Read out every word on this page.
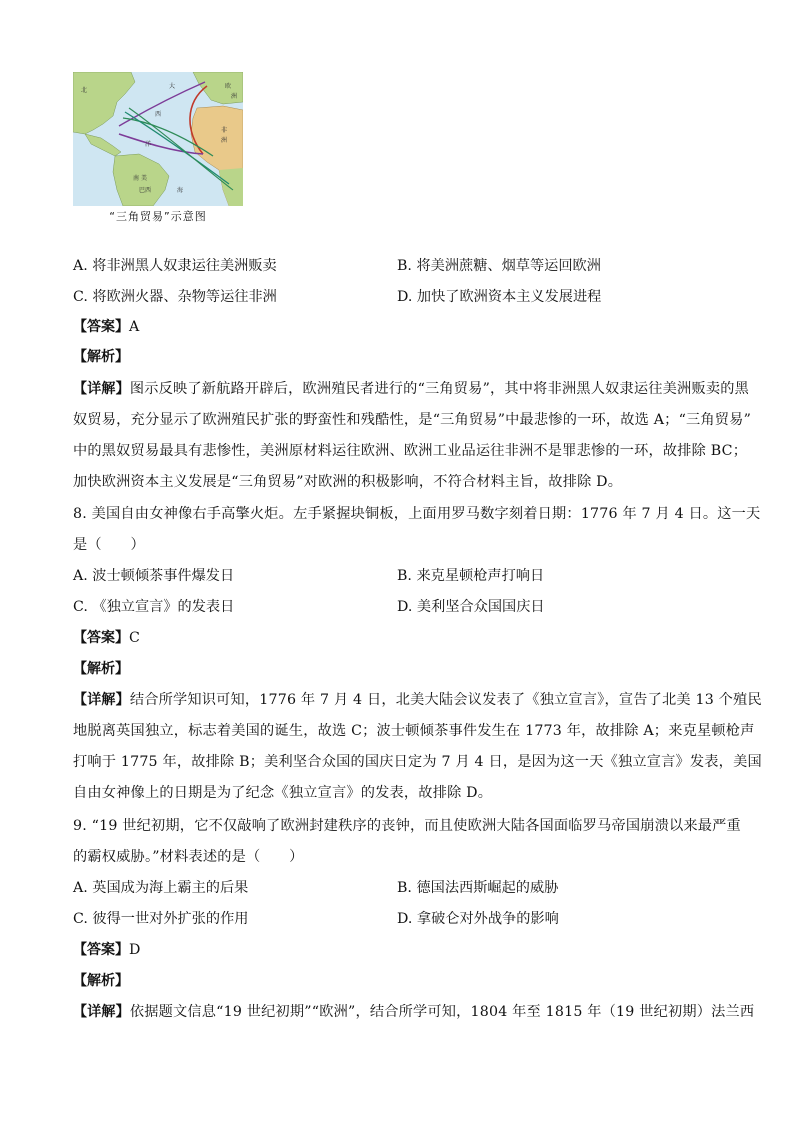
北
大
西
洋
欧
洲
非
洲
南 美
巴西	海
“三角贸易”示意图
A. 将非洲黑人奴隶运往美洲贩卖	B. 将美洲蔗糖、烟草等运回欧洲
C. 将欧洲火器、杂物等运往非洲	D. 加快了欧洲资本主义发展进程
【答案】A
【解析】
【详解】图示反映了新航路开辟后，欧洲殖民者进行的“三角贸易”，其中将非洲黑人奴隶运往美洲贩卖的黑
奴贸易，充分显示了欧洲殖民扩张的野蛮性和残酷性，是“三角贸易”中最悲惨的一环，故选 A；“三角贸易”
中的黑奴贸易最具有悲惨性，美洲原材料运往欧洲、欧洲工业品运往非洲不是罪悲惨的一环，故排除 BC；
加快欧洲资本主义发展是“三角贸易”对欧洲的积极影响，不符合材料主旨，故排除 D。
8. 美国自由女神像右手高擎火炬。左手紧握块铜板，上面用罗马数字刻着日期：1776 年 7 月 4 日。这一天
是（　　）
A. 波士顿倾茶事件爆发日	B. 来克星顿枪声打响日
C. 《独立宣言》的发表日	D. 美利坚合众国国庆日
【答案】C
【解析】
【详解】结合所学知识可知，1776 年 7 月 4 日，北美大陆会议发表了《独立宣言》，宣告了北美 13 个殖民
地脱离英国独立，标志着美国的诞生，故选 C；波士顿倾茶事件发生在 1773 年，故排除 A；来克星顿枪声
打响于 1775 年，故排除 B；美利坚合众国的国庆日定为 7 月 4 日，是因为这一天《独立宣言》发表，美国
自由女神像上的日期是为了纪念《独立宣言》的发表，故排除 D。
9. “19 世纪初期，它不仅敲响了欧洲封建秩序的丧钟，而且使欧洲大陆各国面临罗马帝国崩溃以来最严重
的霸权威胁。”材料表述的是（　　）
A. 英国成为海上霸主的后果	B. 德国法西斯崛起的威胁
C. 彼得一世对外扩张的作用	D. 拿破仑对外战争的影响
【答案】D
【解析】
【详解】依据题文信息“19 世纪初期”“欧洲”，结合所学可知，1804 年至 1815 年（19 世纪初期）法兰西
